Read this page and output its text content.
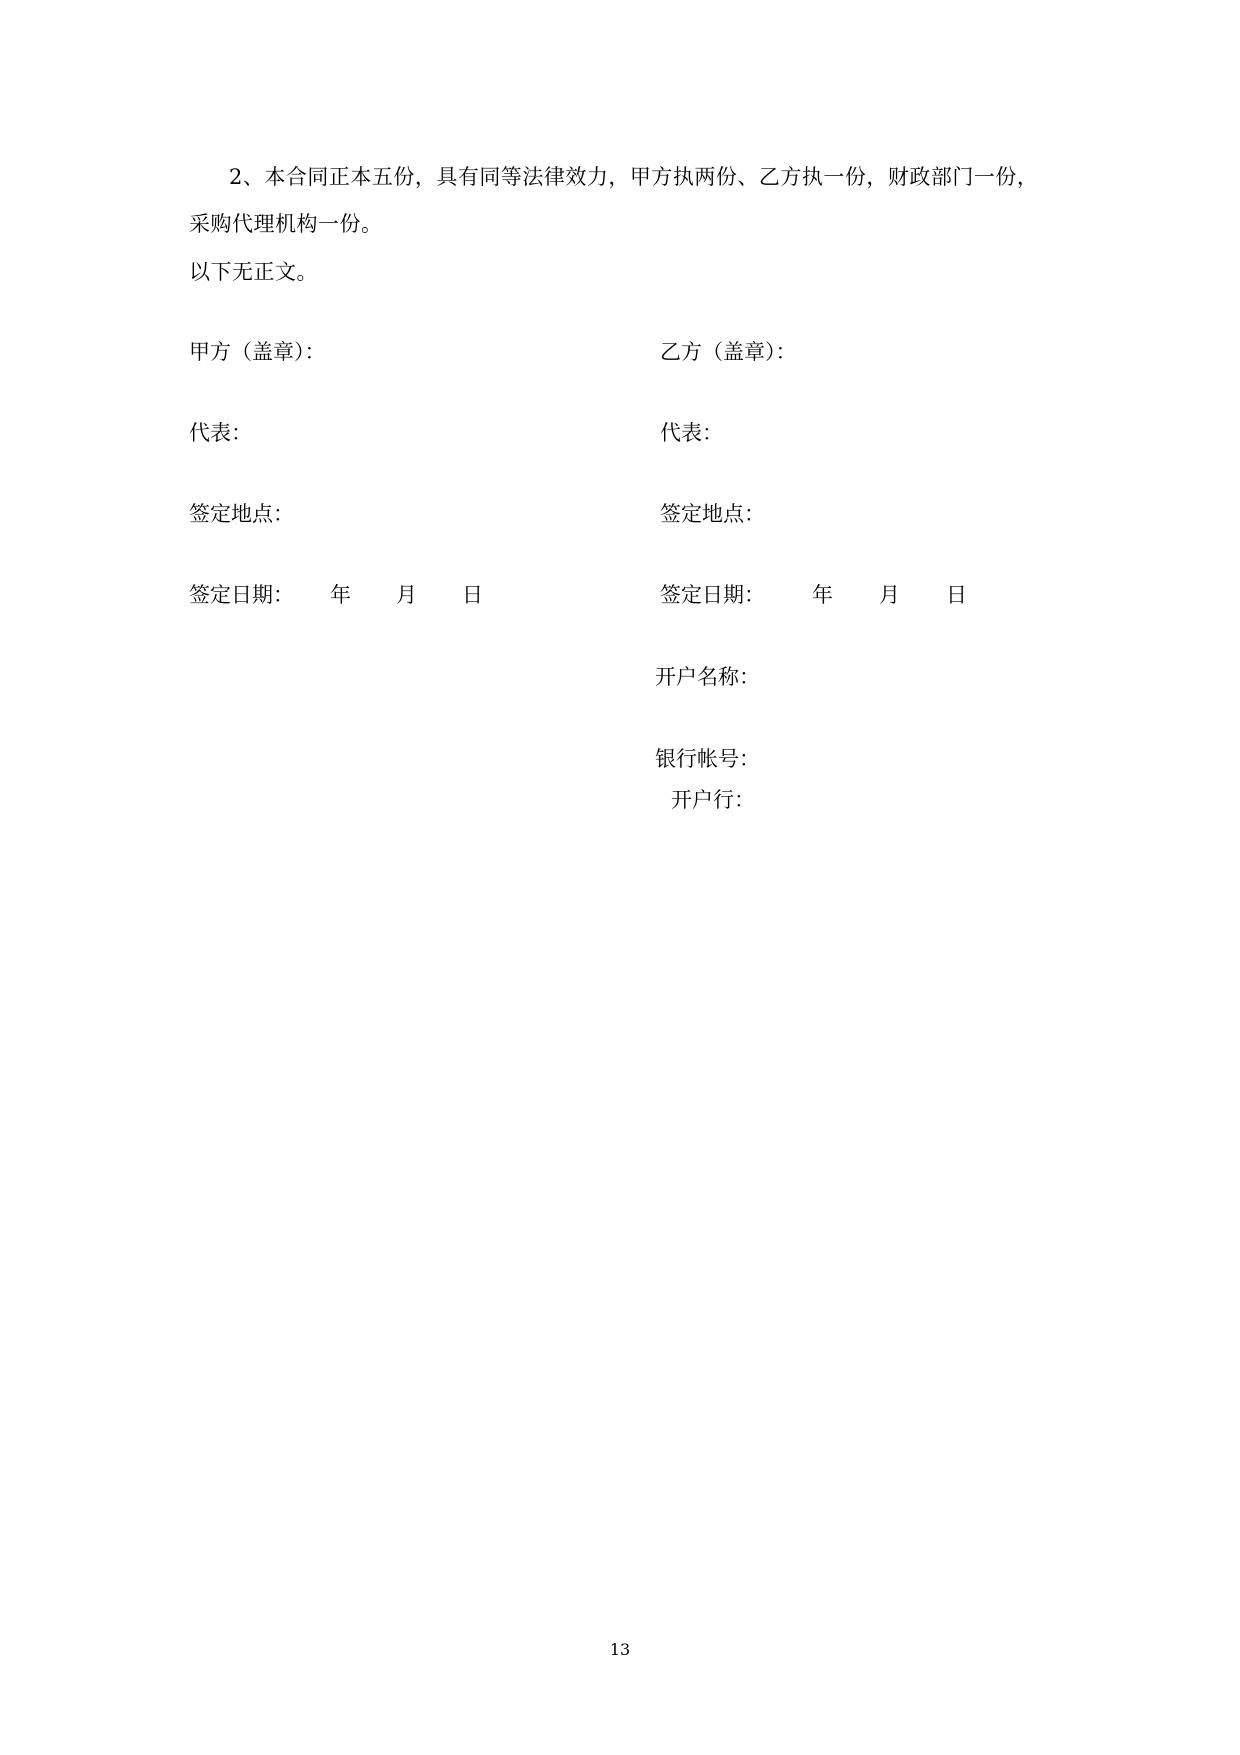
2、本合同正本五份，具有同等法律效力，甲方执两份、乙方执一份，财政部门一份，
采购代理机构一份。
以下无正文。
甲方（盖章）：
代表：
签定地点：
签定日期： 年 月 日
乙方（盖章）：
代表：
签定地点：
签定日期： 年 月 日
开户名称：
银行帐号：
开户行：
13
